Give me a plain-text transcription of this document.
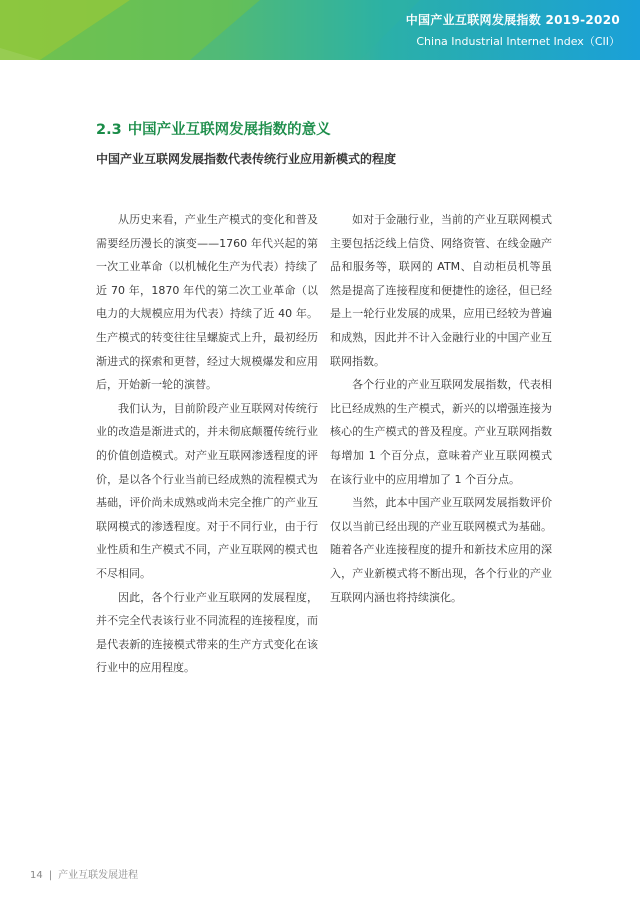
中国产业互联网发展指数 2019-2020
China Industrial Internet Index（CII）
2.3 中国产业互联网发展指数的意义
中国产业互联网发展指数代表传统行业应用新模式的程度

从历史来看，产业生产模式的变化和普及需要经历漫长的演变——1760 年代兴起的第一次工业革命（以机械化生产为代表）持续了近 70 年，1870 年代的第二次工业革命（以电力的大规模应用为代表）持续了近 40 年。生产模式的转变往往呈螺旋式上升，最初经历渐进式的探索和更替，经过大规模爆发和应用后，开始新一轮的演替。

我们认为，目前阶段产业互联网对传统行业的改造是渐进式的，并未彻底颠覆传统行业的价值创造模式。对产业互联网渗透程度的评价，是以各个行业当前已经成熟的流程模式为基础，评价尚未成熟或尚未完全推广的产业互联网模式的渗透程度。对于不同行业，由于行业性质和生产模式不同，产业互联网的模式也不尽相同。

因此，各个行业产业互联网的发展程度，并不完全代表该行业不同流程的连接程度，而是代表新的连接模式带来的生产方式变化在该行业中的应用程度。

如对于金融行业，当前的产业互联网模式主要包括泛线上信贷、网络资管、在线金融产品和服务等，联网的 ATM、自动柜员机等虽然是提高了连接程度和便捷性的途径，但已经是上一轮行业发展的成果，应用已经较为普遍和成熟，因此并不计入金融行业的中国产业互联网指数。

各个行业的产业互联网发展指数，代表相比已经成熟的生产模式，新兴的以增强连接为核心的生产模式的普及程度。产业互联网指数每增加 1 个百分点，意味着产业互联网模式在该行业中的应用增加了 1 个百分点。

当然，此本中国产业互联网发展指数评价仅以当前已经出现的产业互联网模式为基础。随着各产业连接程度的提升和新技术应用的深入，产业新模式将不断出现，各个行业的产业互联网内涵也将持续演化。

14 | 产业互联发展进程
